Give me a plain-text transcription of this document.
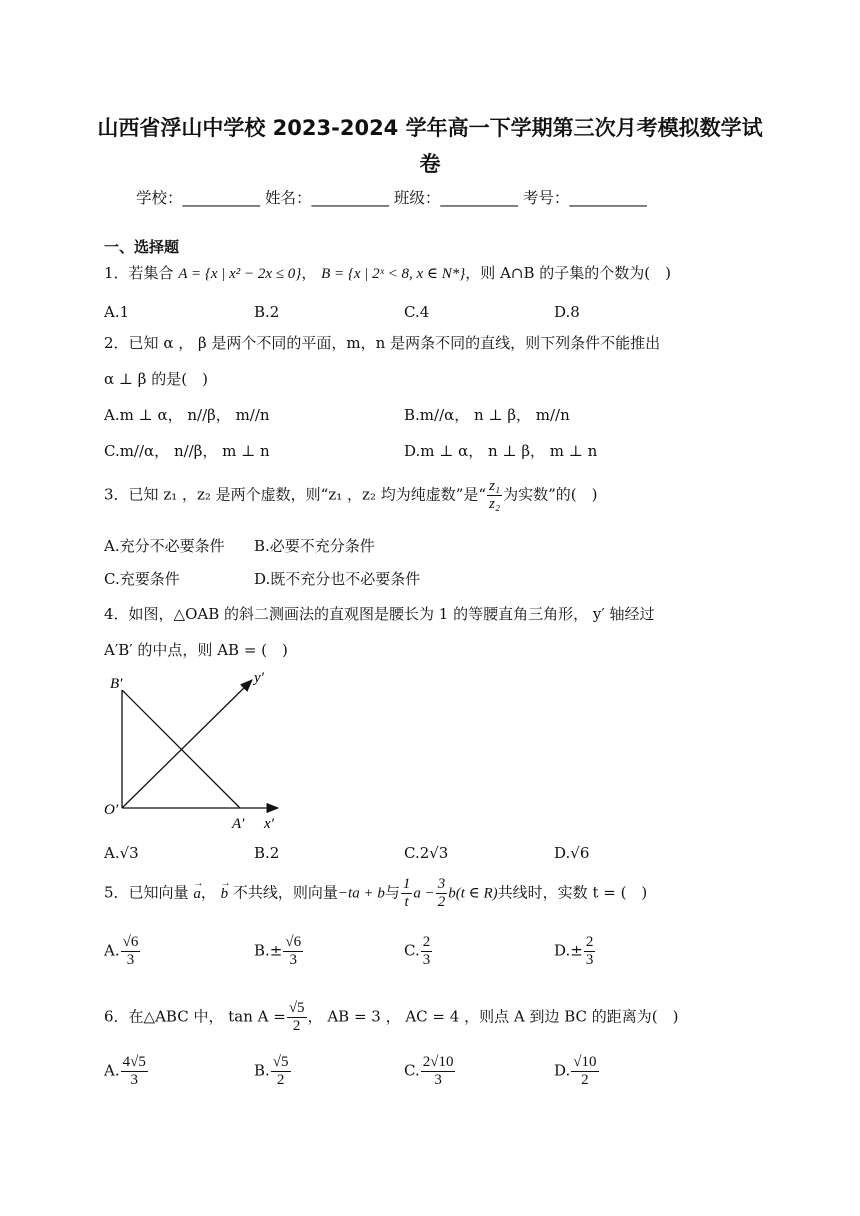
山西省浮山中学校 2023-2024 学年高一下学期第三次月考模拟数学试
卷
学校：__________ 姓名：__________ 班级：__________ 考号：__________
一、选择题
1．若集合 A = {x | x² − 2x ≤ 0}， B = {x | 2ˣ < 8, x ∈ N*}，则 A∩B 的子集的个数为(　)
A.1	B.2	C.4	D.8
2．已知 α ， β 是两个不同的平面，m，n 是两条不同的直线，则下列条件不能推出
α ⊥ β 的是(　)
A.m ⊥ α， n//β， m//n	B.m//α， n ⊥ β， m//n
C.m//α， n//β， m ⊥ n	D.m ⊥ α， n ⊥ β， m ⊥ n
3．已知 z₁ ，z₂ 是两个虚数，则“z₁ ，z₂ 均为纯虚数”是“ $\frac{\text{z₁}}{\text{z₂}}$ 为实数”的(　)
A.充分不必要条件 B.必要不充分条件
C.充要条件	D.既不充分也不必要条件
4．如图，△OAB 的斜二测画法的直观图是腰长为 1 的等腰直角三角形， y′ 轴经过
A′B′ 的中点，则 AB = (　)
B′
O′
A′ x′
y′
A.√3	B.2	C.2√3	D.√6
5．已知向量 → a， → b 不共线，则向量−ta + b与 $\frac{1}{t}$ $a - \frac{3}{2} b(t$ ∈ R)共线时，实数 t = (　)
A. $\frac{√6}{3}$	$B.\pm \frac{√6}{3}$	C. $\frac{2}{3}$	$D.\pm \frac{2}{3}$
6．在△ABC 中， $\tan A = \frac{√5}{2}$ ， AB = 3 ， AC = 4 ，则点 A 到边 BC 的距离为(　)
A. $\frac{4√5}{3}$	B. $\frac{√5}{2}$	C. $\frac{2√10}{3}$	D. $\frac{√10}{2}$
